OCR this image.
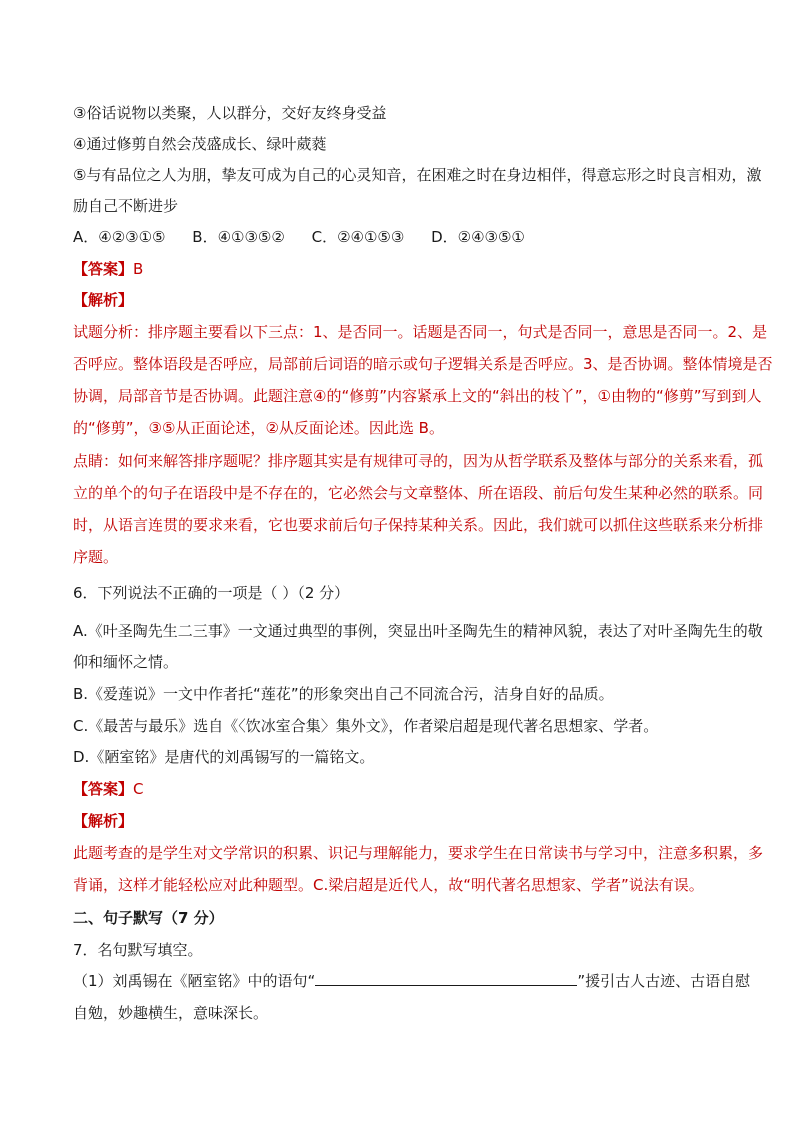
③俗话说物以类聚，人以群分，交好友终身受益
④通过修剪自然会茂盛成长、绿叶葳蕤
⑤与有品位之人为朋，挚友可成为自己的心灵知音，在困难之时在身边相伴，得意忘形之时良言相劝，激
励自己不断进步
A．④②③①⑤ B．④①③⑤② C．②④①⑤③ D．②④③⑤①
【答案】B
【解析】
试题分析：排序题主要看以下三点：1、是否同一。话题是否同一，句式是否同一，意思是否同一。2、是
否呼应。整体语段是否呼应，局部前后词语的暗示或句子逻辑关系是否呼应。3、是否协调。整体情境是否
协调，局部音节是否协调。此题注意④的“修剪”内容紧承上文的“斜出的枝丫”，①由物的“修剪”写到到人
的“修剪”，③⑤从正面论述，②从反面论述。因此选 B。
点睛：如何来解答排序题呢？排序题其实是有规律可寻的，因为从哲学联系及整体与部分的关系来看，孤
立的单个的句子在语段中是不存在的，它必然会与文章整体、所在语段、前后句发生某种必然的联系。同
时，从语言连贯的要求来看，它也要求前后句子保持某种关系。因此，我们就可以抓住这些联系来分析排
序题。
6．下列说法不正确的一项是（ ）（2 分）
A.《叶圣陶先生二三事》一文通过典型的事例，突显出叶圣陶先生的精神风貌，表达了对叶圣陶先生的敬
仰和缅怀之情。
B.《爱莲说》一文中作者托“莲花”的形象突出自己不同流合污，洁身自好的品质。
C.《最苦与最乐》选自《〈饮冰室合集〉集外文》，作者梁启超是现代著名思想家、学者。
D.《陋室铭》是唐代的刘禹锡写的一篇铭文。
【答案】C
【解析】
此题考查的是学生对文学常识的积累、识记与理解能力，要求学生在日常读书与学习中，注意多积累，多
背诵，这样才能轻松应对此种题型。C.梁启超是近代人，故“明代著名思想家、学者”说法有误。
二、句子默写（7 分）
7．名句默写填空。
（1）刘禹锡在《陋室铭》中的语句“	”援引古人古迹、古语自慰
自勉，妙趣横生，意味深长。
